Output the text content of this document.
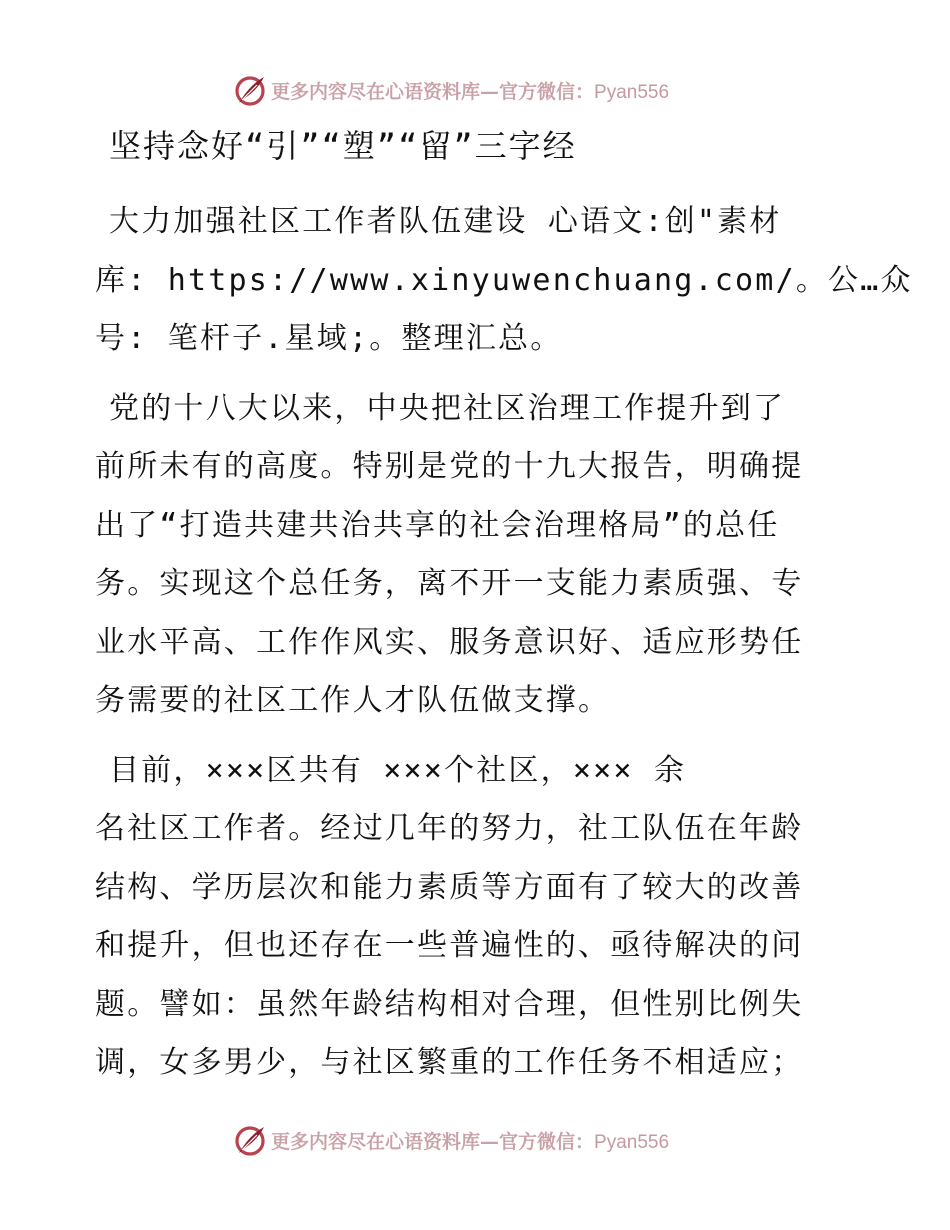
更多内容尽在心语资料库—官方微信：Pyan556
坚持念好“引”“塑”“留”三字经

大力加强社区工作者队伍建设 心语文:创"素材
库: https://www.xinyuwenchuang.com/。公…众
号: 笔杆子.星域;。整理汇总。

党的十八大以来，中央把社区治理工作提升到了
前所未有的高度。特别是党的十九大报告，明确提
出了“打造共建共治共享的社会治理格局”的总任
务。实现这个总任务，离不开一支能力素质强、专
业水平高、工作作风实、服务意识好、适应形势任
务需要的社区工作人才队伍做支撑。

目前，×××区共有 ×××个社区，××× 余
名社区工作者。经过几年的努力，社工队伍在年龄
结构、学历层次和能力素质等方面有了较大的改善
和提升，但也还存在一些普遍性的、亟待解决的问
题。譬如：虽然年龄结构相对合理，但性别比例失
调，女多男少，与社区繁重的工作任务不相适应；

更多内容尽在心语资料库—官方微信：Pyan556
